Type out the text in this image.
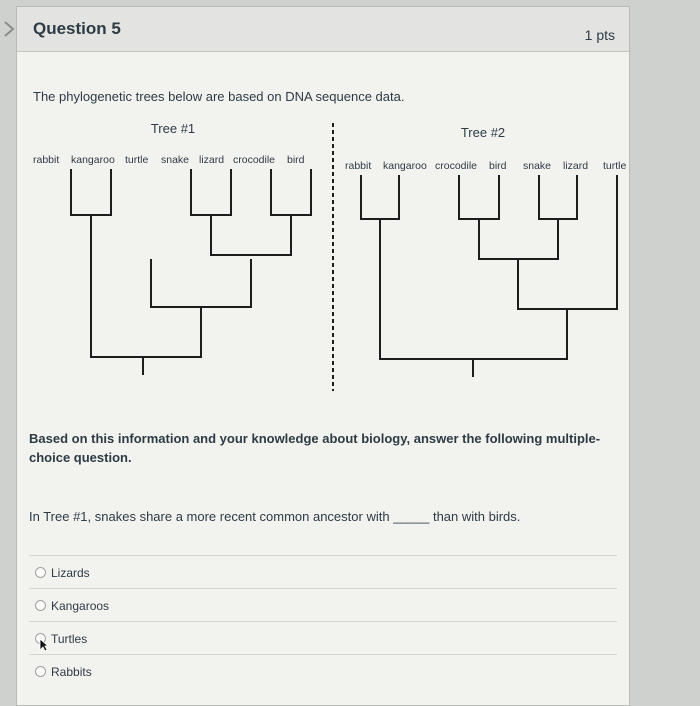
Question 5	1 pts
The phylogenetic trees below are based on DNA sequence data.
Tree #1
rabbit kangaroo turtle snake lizard crocodile bird
Tree #2
rabbit kangaroo crocodile bird snake lizard turtle
Based on this information and your knowledge about biology, answer the following multiple-choice question.
In Tree #1, snakes share a more recent common ancestor with _____ than with birds.
Lizards
Kangaroos
Turtles
Rabbits
